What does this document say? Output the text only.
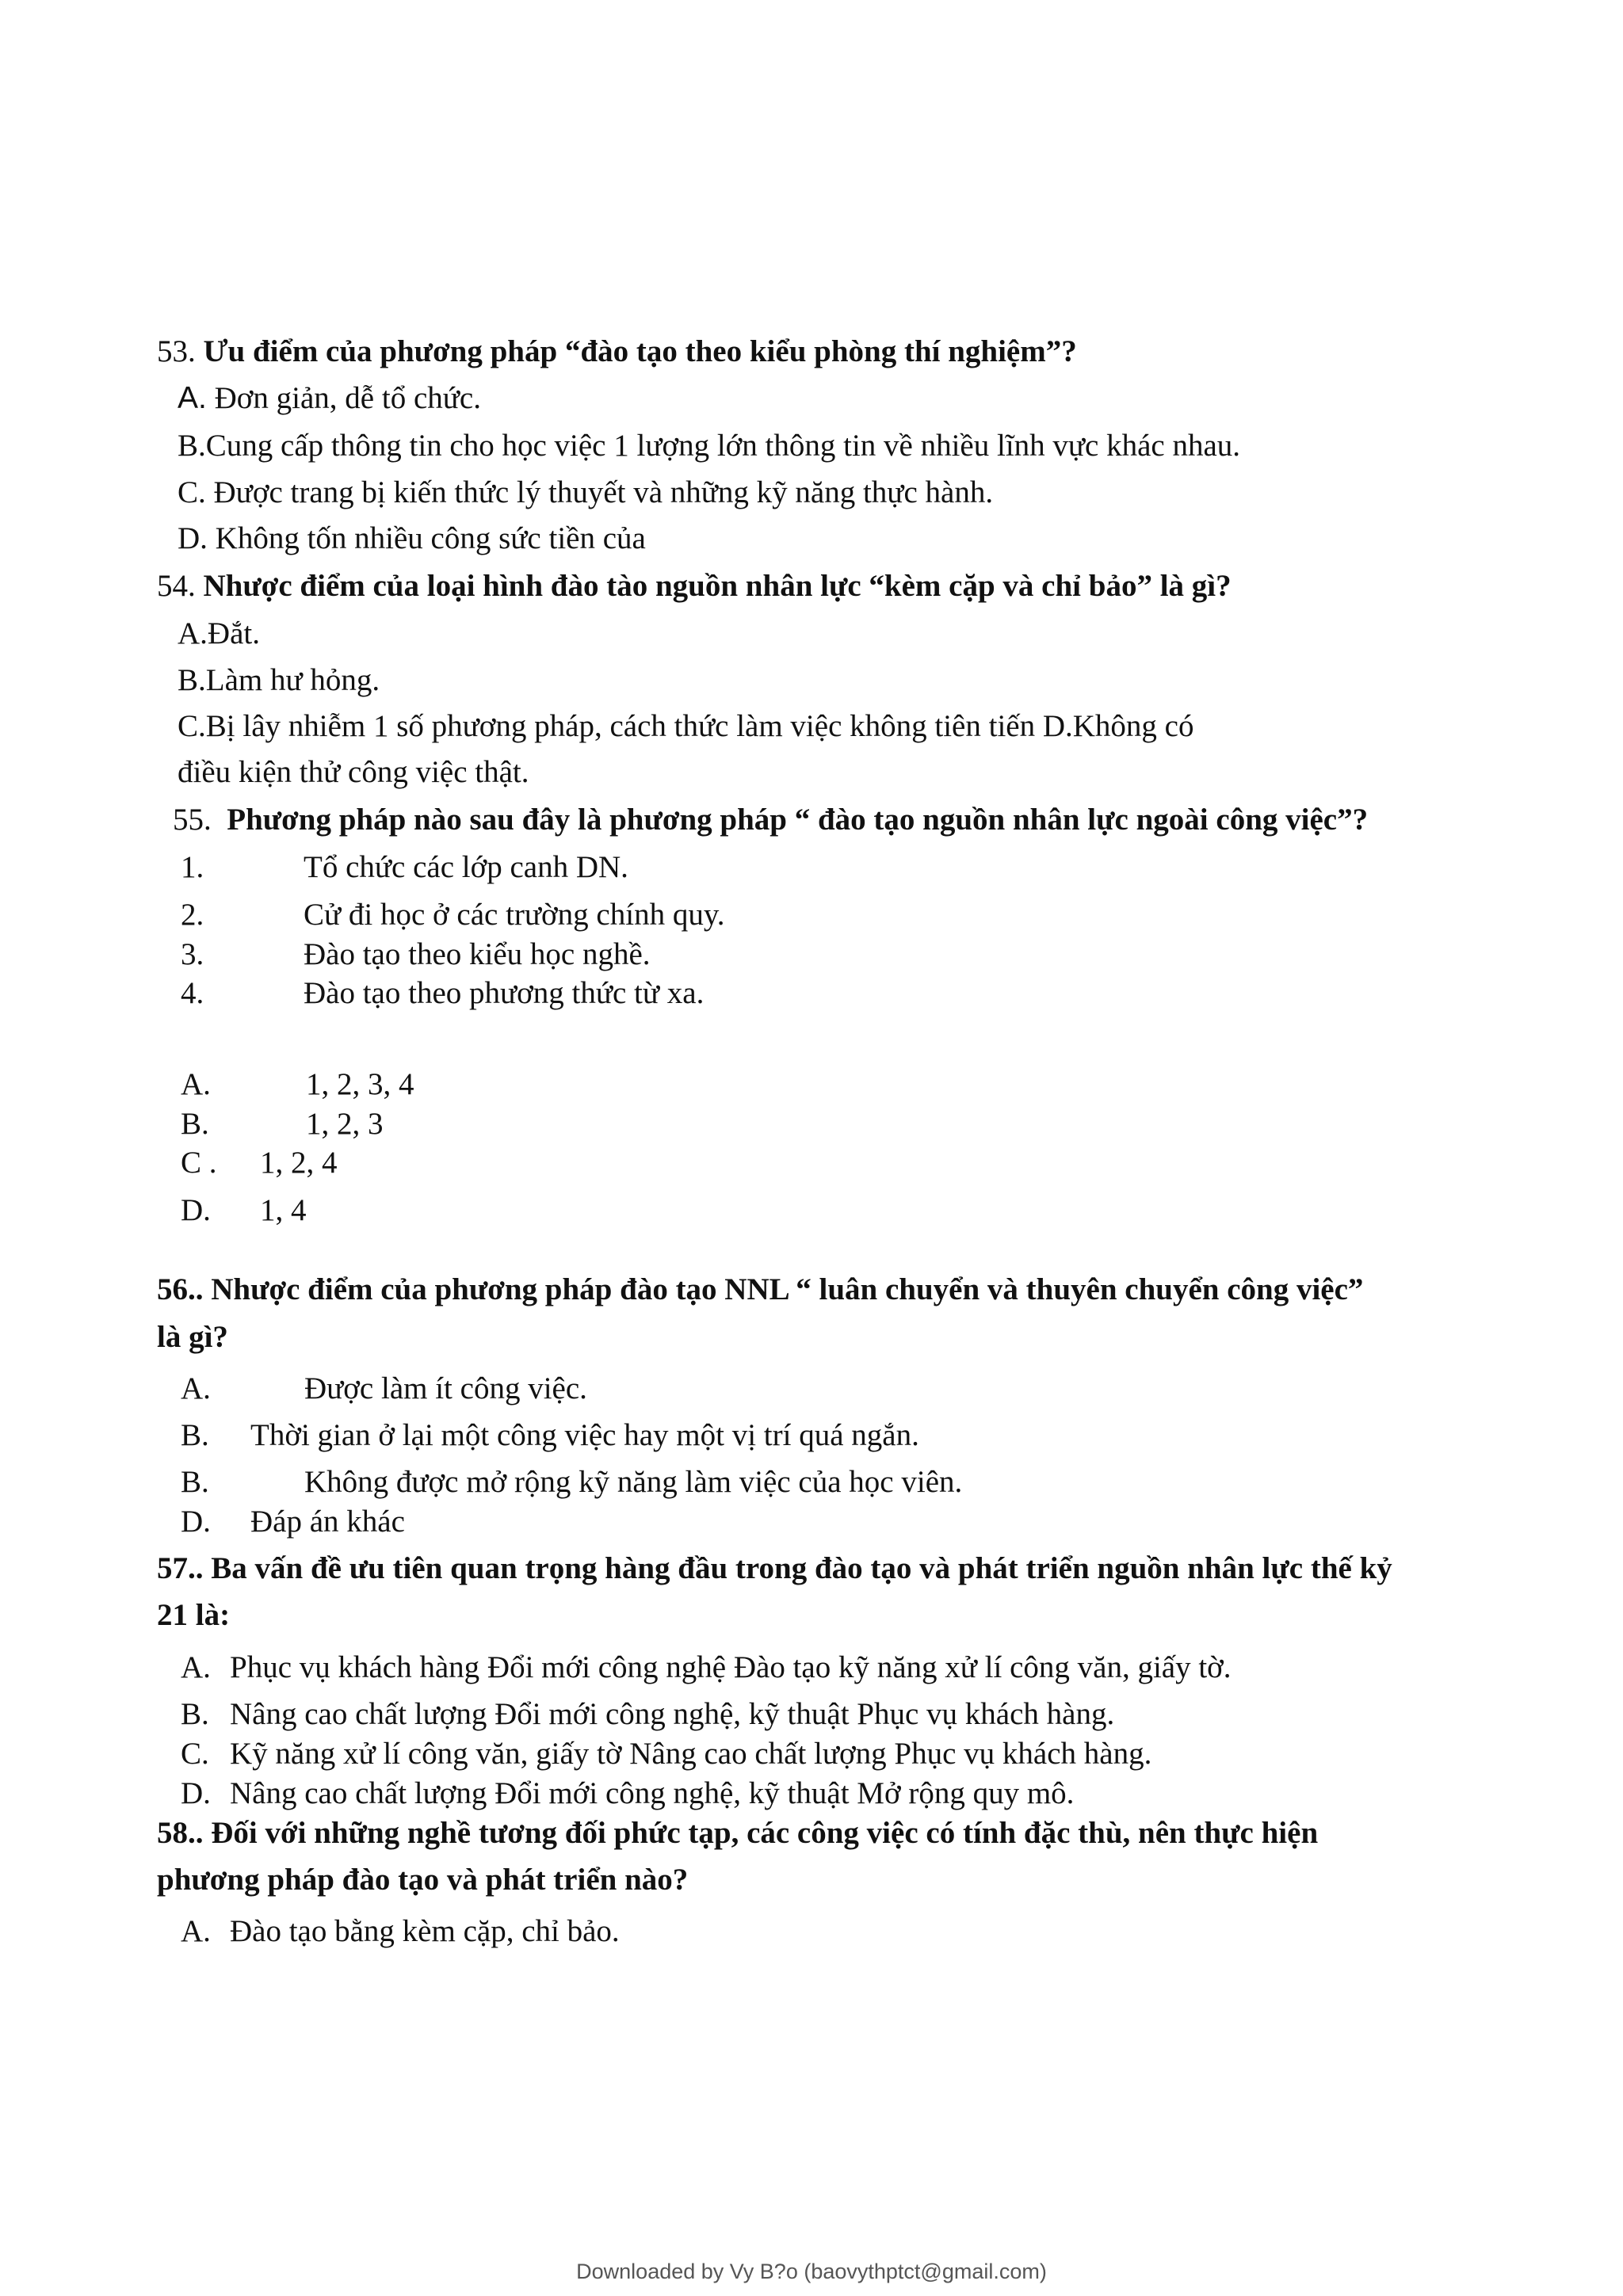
53. Ưu điểm của phương pháp “đào tạo theo kiểu phòng thí nghiệm”?
A. Đơn giản, dễ tổ chức.
B.Cung cấp thông tin cho học việc 1 lượng lớn thông tin về nhiều lĩnh vực khác nhau.
C. Được trang bị kiến thức lý thuyết và những kỹ năng thực hành.
D. Không tốn nhiều công sức tiền của
54. Nhược điểm của loại hình đào tào nguồn nhân lực “kèm cặp và chỉ bảo” là gì?
A.Đắt.
B.Làm hư hỏng.
C.Bị lây nhiễm 1 số phương pháp, cách thức làm việc không tiên tiến D.Không có
điều kiện thử công việc thật.
55. Phương pháp nào sau đây là phương pháp “ đào tạo nguồn nhân lực ngoài công việc”?
1.	Tổ chức các lớp canh DN.
2.	Cử đi học ở các trường chính quy.
3.	Đào tạo theo kiểu học nghề.
4.	Đào tạo theo phương thức từ xa.
A.	1, 2, 3, 4
B.	1, 2, 3
C . 1, 2, 4
D. 1, 4
56.. Nhược điểm của phương pháp đào tạo NNL “ luân chuyển và thuyên chuyển công việc”
là gì?
A.	Được làm ít công việc.
B. Thời gian ở lại một công việc hay một vị trí quá ngắn.
B.	Không được mở rộng kỹ năng làm việc của học viên.
D. Đáp án khác
57.. Ba vấn đề ưu tiên quan trọng hàng đầu trong đào tạo và phát triển nguồn nhân lực thế kỷ
21 là:
A. Phục vụ khách hàng Đổi mới công nghệ Đào tạo kỹ năng xử lí công văn, giấy tờ.
B. Nâng cao chất lượng Đổi mới công nghệ, kỹ thuật Phục vụ khách hàng.
C. Kỹ năng xử lí công văn, giấy tờ Nâng cao chất lượng Phục vụ khách hàng.
D. Nâng cao chất lượng Đổi mới công nghệ, kỹ thuật Mở rộng quy mô.
58.. Đối với những nghề tương đối phức tạp, các công việc có tính đặc thù, nên thực hiện
phương pháp đào tạo và phát triển nào?
A. Đào tạo bằng kèm cặp, chỉ bảo.
Downloaded by Vy B?o (baovythptct@gmail.com)
